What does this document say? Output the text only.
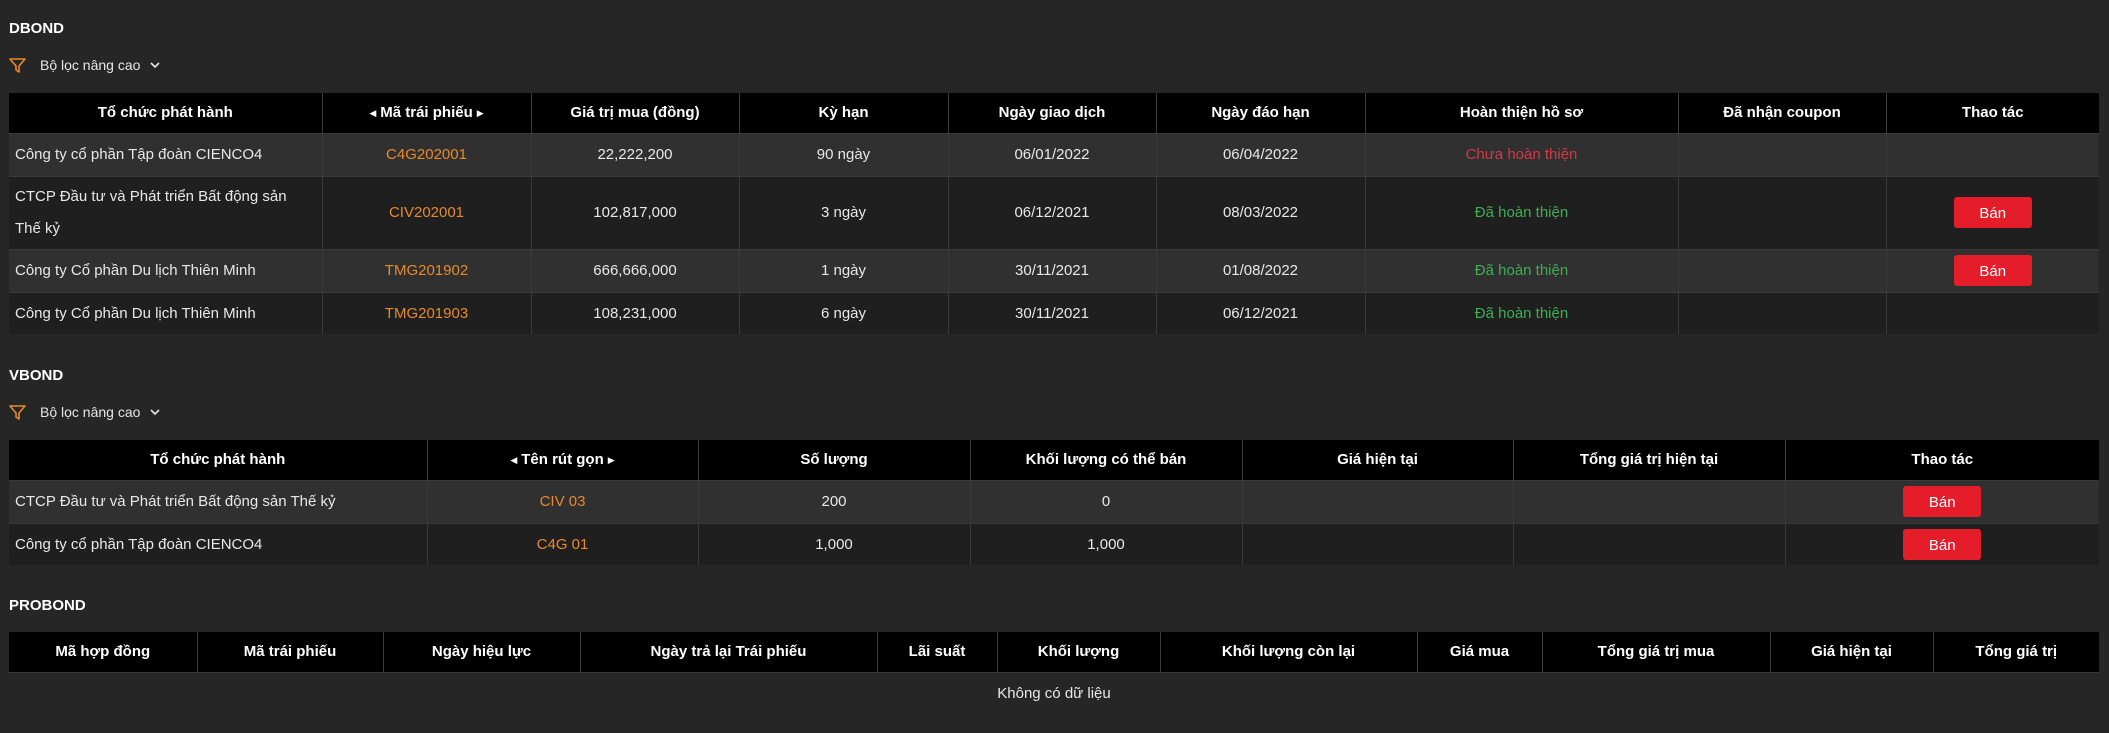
DBOND
Bộ lọc nâng cao
Tổ chức phát hành	◀ Mã trái phiếu ▶	Giá trị mua (đồng)	Kỳ hạn	Ngày giao dịch	Ngày đáo hạn	Hoàn thiện hồ sơ	Đã nhận coupon	Thao tác
Công ty cổ phần Tập đoàn CIENCO4	C4G202001	22,222,200	90 ngày	06/01/2022	06/04/2022	Chưa hoàn thiện		
CTCP Đầu tư và Phát triển Bất động sản Thế kỷ	CIV202001	102,817,000	3 ngày	06/12/2021	08/03/2022	Đã hoàn thiện		Bán
Công ty Cổ phần Du lịch Thiên Minh	TMG201902	666,666,000	1 ngày	30/11/2021	01/08/2022	Đã hoàn thiện		Bán
Công ty Cổ phần Du lịch Thiên Minh	TMG201903	108,231,000	6 ngày	30/11/2021	06/12/2021	Đã hoàn thiện		
VBOND
Bộ lọc nâng cao
Tổ chức phát hành	◀ Tên rút gọn ▶	Số lượng	Khối lượng có thể bán	Giá hiện tại	Tổng giá trị hiện tại	Thao tác
CTCP Đầu tư và Phát triển Bất động sản Thế kỷ	CIV 03	200	0			Bán
Công ty cổ phần Tập đoàn CIENCO4	C4G 01	1,000	1,000			Bán
PROBOND
Mã hợp đồng	Mã trái phiếu	Ngày hiệu lực	Ngày trả lại Trái phiếu	Lãi suất	Khối lượng	Khối lượng còn lại	Giá mua	Tổng giá trị mua	Giá hiện tại	Tổng giá trị
Không có dữ liệu
